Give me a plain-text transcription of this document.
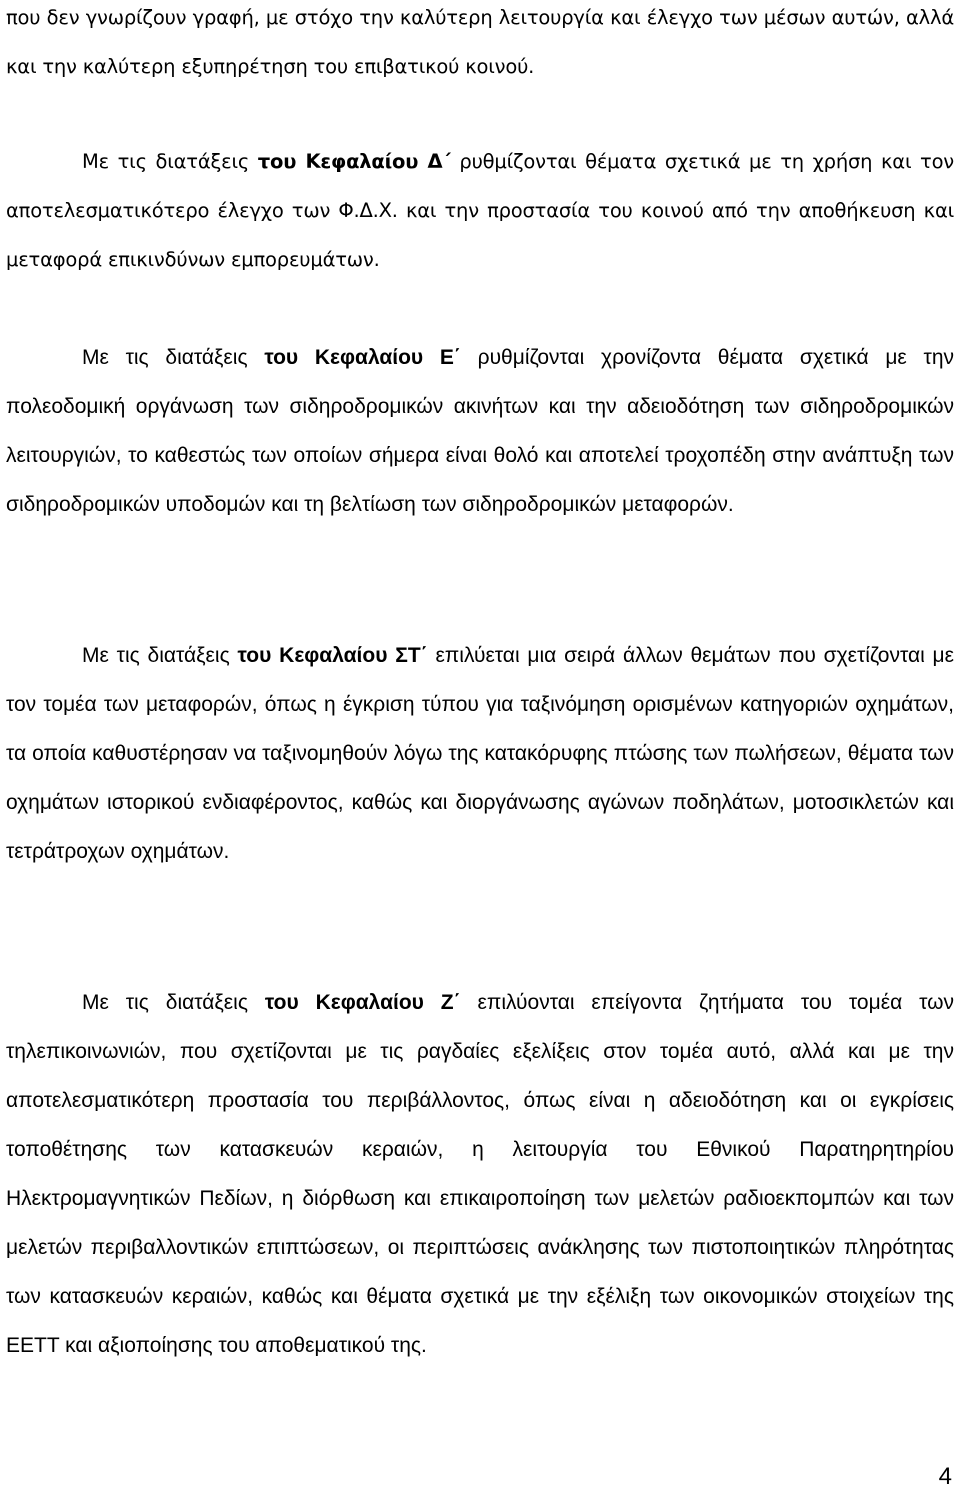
που δεν γνωρίζουν γραφή, με στόχο την καλύτερη λειτουργία και έλεγχο των μέσων αυτών, αλλά και την καλύτερη εξυπηρέτηση του επιβατικού κοινού.

Με τις διατάξεις του Κεφαλαίου Δ΄ ρυθμίζονται θέματα σχετικά με τη χρήση και τον αποτελεσματικότερο έλεγχο των Φ.Δ.Χ. και την προστασία του κοινού από την αποθήκευση και μεταφορά επικινδύνων εμπορευμάτων.

Με τις διατάξεις του Κεφαλαίου Ε΄ ρυθμίζονται χρονίζοντα θέματα σχετικά με την πολεοδομική οργάνωση των σιδηροδρομικών ακινήτων και την αδειοδότηση των σιδηροδρομικών λειτουργιών, το καθεστώς των οποίων σήμερα είναι θολό και αποτελεί τροχοπέδη στην ανάπτυξη των σιδηροδρομικών υποδομών και τη βελτίωση των σιδηροδρομικών μεταφορών.

Με τις διατάξεις του Κεφαλαίου ΣΤ΄ επιλύεται μια σειρά άλλων θεμάτων που σχετίζονται με τον τομέα των μεταφορών, όπως η έγκριση τύπου για ταξινόμηση ορισμένων κατηγοριών οχημάτων, τα οποία καθυστέρησαν να ταξινομηθούν λόγω της κατακόρυφης πτώσης των πωλήσεων, θέματα των οχημάτων ιστορικού ενδιαφέροντος, καθώς και διοργάνωσης αγώνων ποδηλάτων, μοτοσικλετών και τετράτροχων οχημάτων.

Με τις διατάξεις του Κεφαλαίου Ζ΄ επιλύονται επείγοντα ζητήματα του τομέα των τηλεπικοινωνιών, που σχετίζονται με τις ραγδαίες εξελίξεις στον τομέα αυτό, αλλά και με την αποτελεσματικότερη προστασία του περιβάλλοντος, όπως είναι η αδειοδότηση και οι εγκρίσεις τοποθέτησης των κατασκευών κεραιών, η λειτουργία του Εθνικού Παρατηρητηρίου Ηλεκτρομαγνητικών Πεδίων, η διόρθωση και επικαιροποίηση των μελετών ραδιοεκπομπών και των μελετών περιβαλλοντικών επιπτώσεων, οι περιπτώσεις ανάκλησης των πιστοποιητικών πληρότητας των κατασκευών κεραιών, καθώς και θέματα σχετικά με την εξέλιξη των οικονομικών στοιχείων της ΕΕΤΤ και αξιοποίησης του αποθεματικού της.

4
